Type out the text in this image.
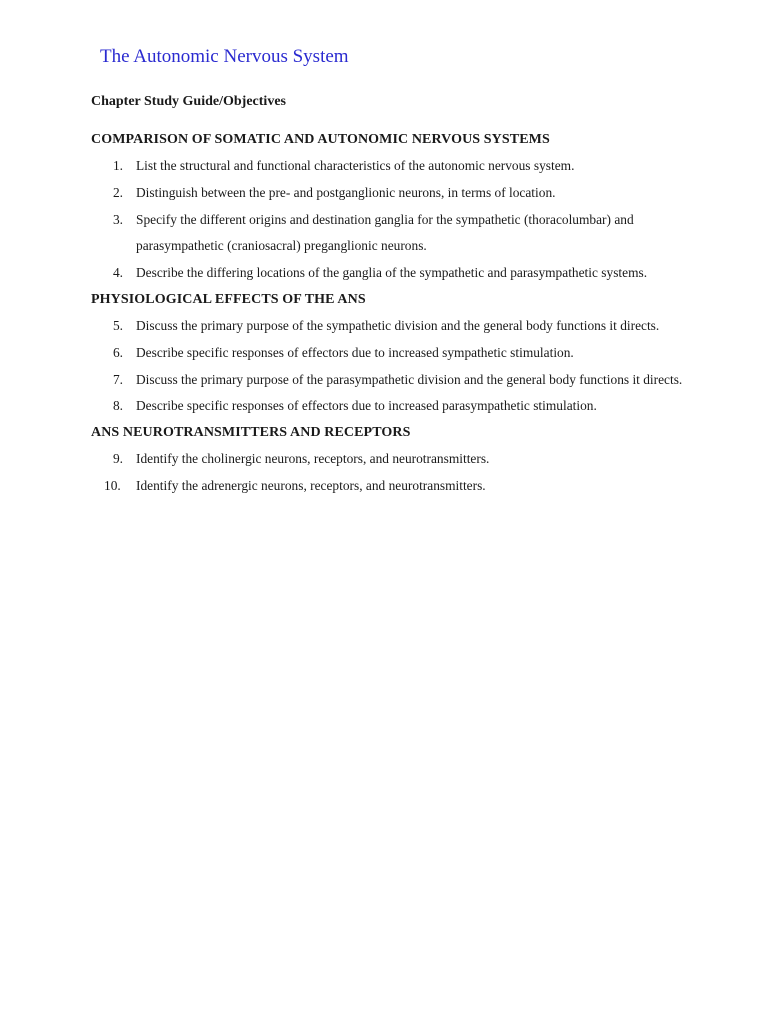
The Autonomic Nervous System
Chapter Study Guide/Objectives
COMPARISON OF SOMATIC AND AUTONOMIC NERVOUS SYSTEMS
1. List the structural and functional characteristics of the autonomic nervous system.
2. Distinguish between the pre- and postganglionic neurons, in terms of location.
3. Specify the different origins and destination ganglia for the sympathetic (thoracolumbar) and parasympathetic (craniosacral) preganglionic neurons.
4. Describe the differing locations of the ganglia of the sympathetic and parasympathetic systems.
PHYSIOLOGICAL EFFECTS OF THE ANS
5. Discuss the primary purpose of the sympathetic division and the general body functions it directs.
6. Describe specific responses of effectors due to increased sympathetic stimulation.
7. Discuss the primary purpose of the parasympathetic division and the general body functions it directs.
8. Describe specific responses of effectors due to increased parasympathetic stimulation.
ANS NEUROTRANSMITTERS AND RECEPTORS
9. Identify the cholinergic neurons, receptors, and neurotransmitters.
10.	Identify the adrenergic neurons, receptors, and neurotransmitters.
